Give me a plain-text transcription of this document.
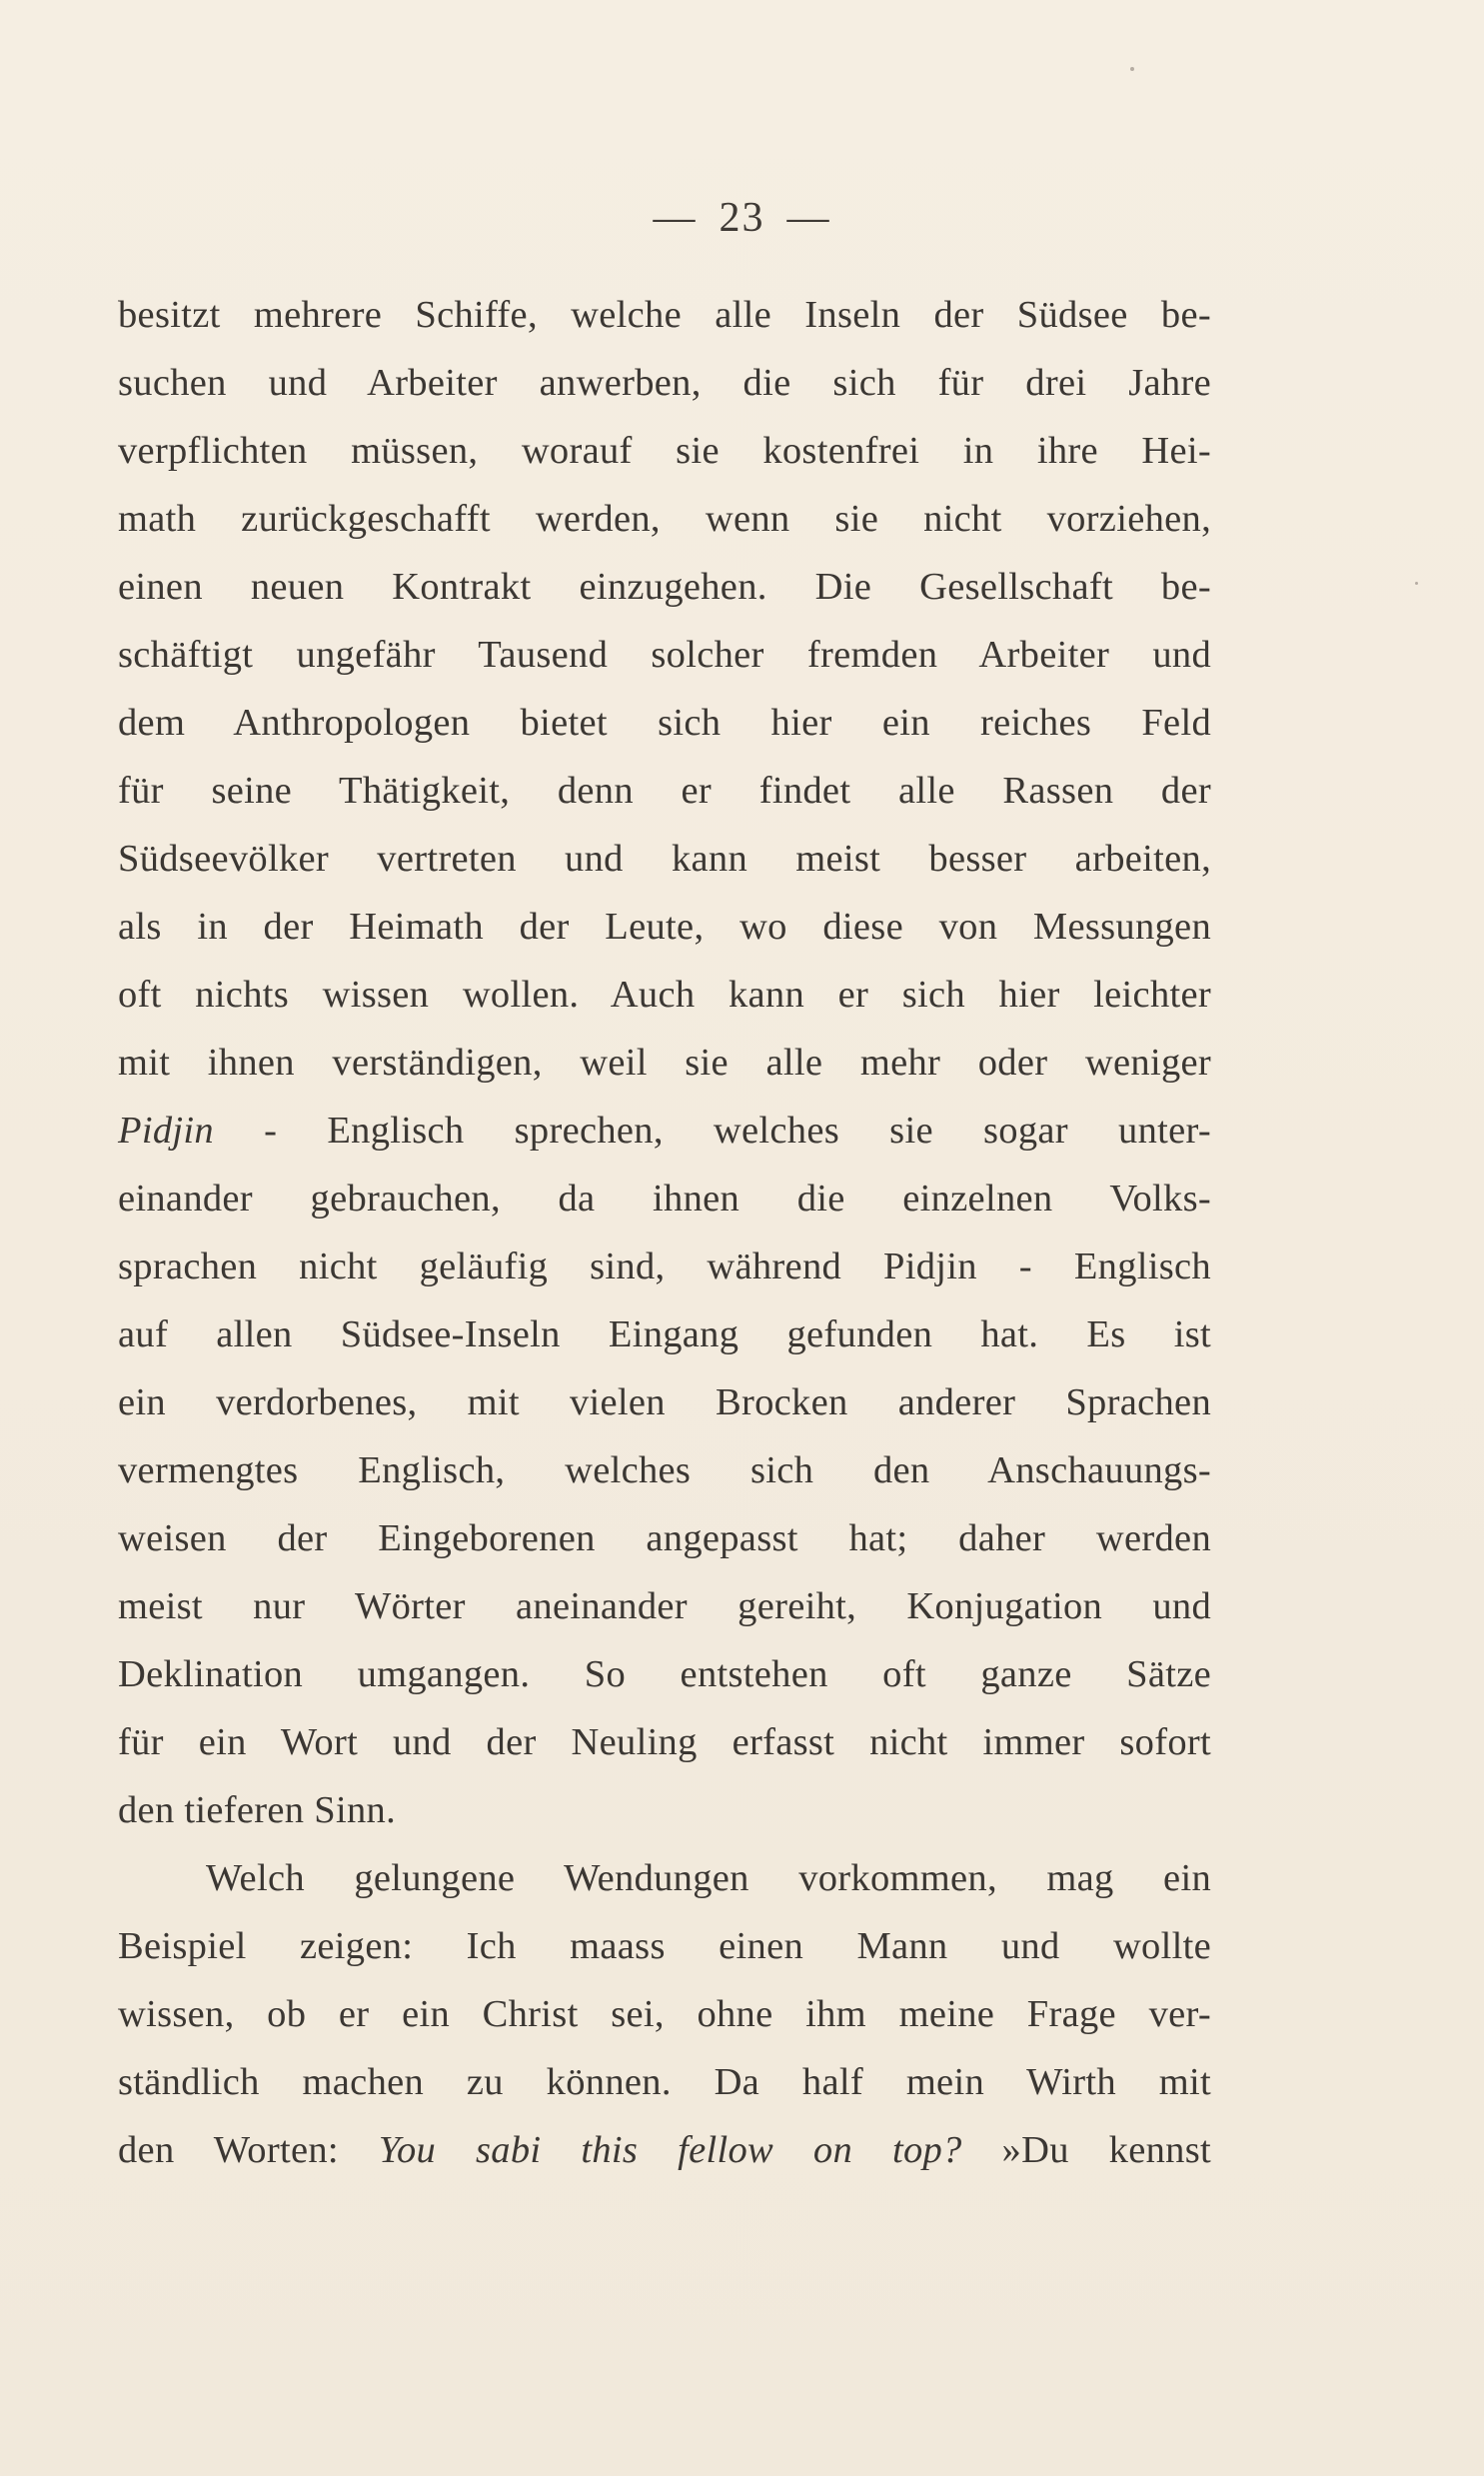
— 23 —
besitzt mehrere Schiffe, welche alle Inseln der Südsee be-
suchen und Arbeiter anwerben, die sich für drei Jahre
verpflichten müssen, worauf sie kostenfrei in ihre Hei-
math zurückgeschafft werden, wenn sie nicht vorziehen,
einen neuen Kontrakt einzugehen. Die Gesellschaft be-
schäftigt ungefähr Tausend solcher fremden Arbeiter und
dem Anthropologen bietet sich hier ein reiches Feld
für seine Thätigkeit, denn er findet alle Rassen der
Südseevölker vertreten und kann meist besser arbeiten,
als in der Heimath der Leute, wo diese von Messungen
oft nichts wissen wollen. Auch kann er sich hier leichter
mit ihnen verständigen, weil sie alle mehr oder weniger
Pidjin - Englisch sprechen, welches sie sogar unter-
einander gebrauchen, da ihnen die einzelnen Volks-
sprachen nicht geläufig sind, während Pidjin - Englisch
auf allen Südsee-Inseln Eingang gefunden hat. Es ist
ein verdorbenes, mit vielen Brocken anderer Sprachen
vermengtes Englisch, welches sich den Anschauungs-
weisen der Eingeborenen angepasst hat; daher werden
meist nur Wörter aneinander gereiht, Konjugation und
Deklination umgangen. So entstehen oft ganze Sätze
für ein Wort und der Neuling erfasst nicht immer sofort
den tieferen Sinn.
Welch gelungene Wendungen vorkommen, mag ein
Beispiel zeigen: Ich maass einen Mann und wollte
wissen, ob er ein Christ sei, ohne ihm meine Frage ver-
ständlich machen zu können. Da half mein Wirth mit
den Worten: You sabi this fellow on top? »Du kennst
